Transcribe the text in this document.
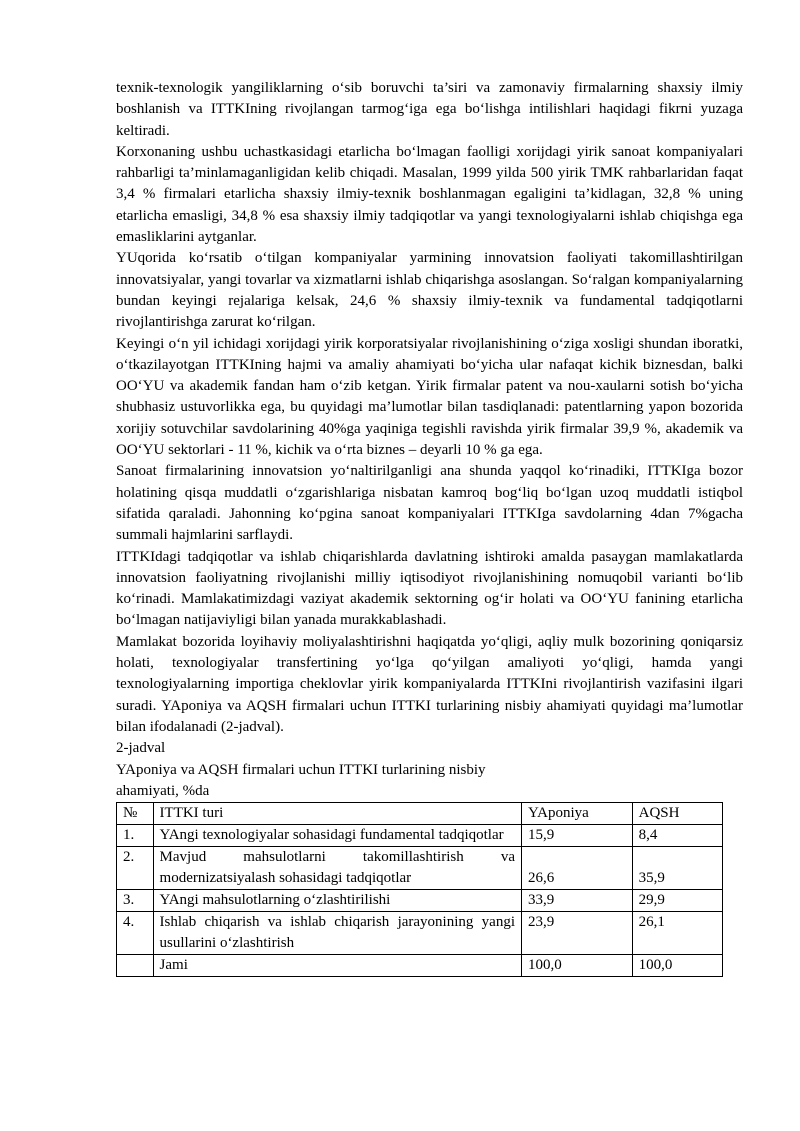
texnik-texnologik yangiliklarning o‘sib boruvchi ta’siri va zamonaviy firmalarning shaxsiy ilmiy boshlanish va ITTKIning rivojlangan tarmog‘iga ega bo‘lishga intilishlari haqidagi fikrni yuzaga keltiradi.

Korxonaning ushbu uchastkasidagi etarlicha bo‘lmagan faolligi xorijdagi yirik sanoat kompaniyalari rahbarligi ta’minlamaganligidan kelib chiqadi. Masalan, 1999 yilda 500 yirik TMK rahbarlaridan faqat 3,4 % firmalari etarlicha shaxsiy ilmiy-texnik boshlanmagan egaligini ta’kidlagan, 32,8 % uning etarlicha emasligi, 34,8 % esa shaxsiy ilmiy tadqiqotlar va yangi texnologiyalarni ishlab chiqishga ega emasliklarini aytganlar.

YUqorida ko‘rsatib o‘tilgan kompaniyalar yarmining innovatsion faoliyati takomillashtirilgan innovatsiyalar, yangi tovarlar va xizmatlarni ishlab chiqarishga asoslangan. So‘ralgan kompaniyalarning bundan keyingi rejalariga kelsak, 24,6 % shaxsiy ilmiy-texnik va fundamental tadqiqotlarni rivojlantirishga zarurat ko‘rilgan.

Keyingi o‘n yil ichidagi xorijdagi yirik korporatsiyalar rivojlanishining o‘ziga xosligi shundan iboratki, o‘tkazilayotgan ITTKIning hajmi va amaliy ahamiyati bo‘yicha ular nafaqat kichik biznesdan, balki OO‘YU va akademik fandan ham o‘zib ketgan. Yirik firmalar patent va nou-xaularni sotish bo‘yicha shubhasiz ustuvorlikka ega, bu quyidagi ma’lumotlar bilan tasdiqlanadi: patentlarning yapon bozorida xorijiy sotuvchilar savdolarining 40%ga yaqiniga tegishli ravishda yirik firmalar 39,9 %, akademik va OO‘YU sektorlari - 11 %, kichik va o‘rta biznes – deyarli 10 % ga ega.

Sanoat firmalarining innovatsion yo‘naltirilganligi ana shunda yaqqol ko‘rinadiki, ITTKIga bozor holatining qisqa muddatli o‘zgarishlariga nisbatan kamroq bog‘liq bo‘lgan uzoq muddatli istiqbol sifatida qaraladi. Jahonning ko‘pgina sanoat kompaniyalari ITTKIga savdolarning 4dan 7%gacha summali hajmlarini sarflaydi.

ITTKIdagi tadqiqotlar va ishlab chiqarishlarda davlatning ishtiroki amalda pasaygan mamlakatlarda innovatsion faoliyatning rivojlanishi milliy iqtisodiyot rivojlanishining nomuqobil varianti bo‘lib ko‘rinadi. Mamlakatimizdagi vaziyat akademik sektorning og‘ir holati va OO‘YU fanining etarlicha bo‘lmagan natijaviyligi bilan yanada murakkablashadi.

Mamlakat bozorida loyihaviy moliyalashtirishni haqiqatda yo‘qligi, aqliy mulk bozorining qoniqarsiz holati, texnologiyalar transfertining yo‘lga qo‘yilgan amaliyoti yo‘qligi, hamda yangi texnologiyalarning importiga cheklovlar yirik kompaniyalarda ITTKIni rivojlantirish vazifasini ilgari suradi. YAponiya va AQSH firmalari uchun ITTKI turlarining nisbiy ahamiyati quyidagi ma’lumotlar bilan ifodalanadi (2-jadval).

2-jadval

YAponiya va AQSH firmalari uchun ITTKI turlarining nisbiy ahamiyati, %da

№	ITTKI turi	YAponiya	AQSH
1.	YAngi texnologiyalar sohasidagi fundamental tadqiqotlar	15,9	8,4
2.	Mavjud mahsulotlarni takomillashtirish va modernizatsiyalash sohasidagi tadqiqotlar	26,6	35,9
3.	YAngi mahsulotlarning o‘zlashtirilishi	33,9	29,9
4.	Ishlab chiqarish va ishlab chiqarish jarayonining yangi usullarini o‘zlashtirish	23,9	26,1
	Jami	100,0	100,0
